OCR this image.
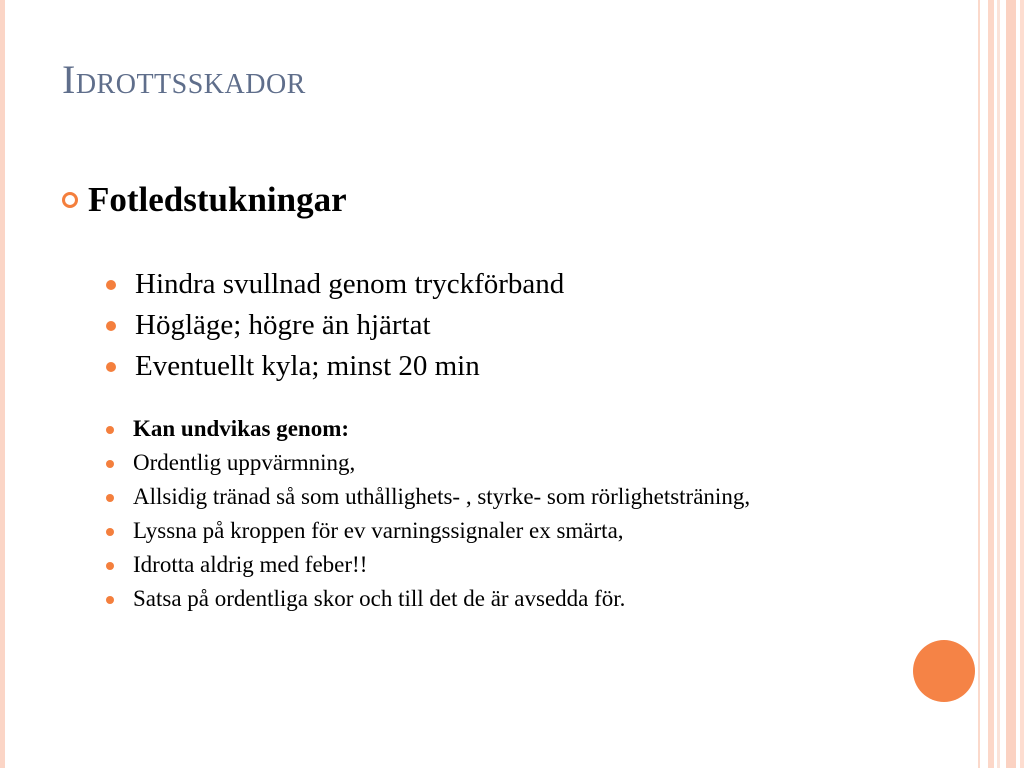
Idrottsskador
Fotledstukningar
Hindra svullnad genom tryckförband
Högläge; högre än hjärtat
Eventuellt kyla; minst 20 min
Kan undvikas genom:
Ordentlig uppvärmning,
Allsidig tränad så som uthållighets- , styrke- som rörlighetsträning,
Lyssna på kroppen för ev varningssignaler ex smärta,
Idrotta aldrig med feber!!
Satsa på ordentliga skor och till det de är avsedda för.
